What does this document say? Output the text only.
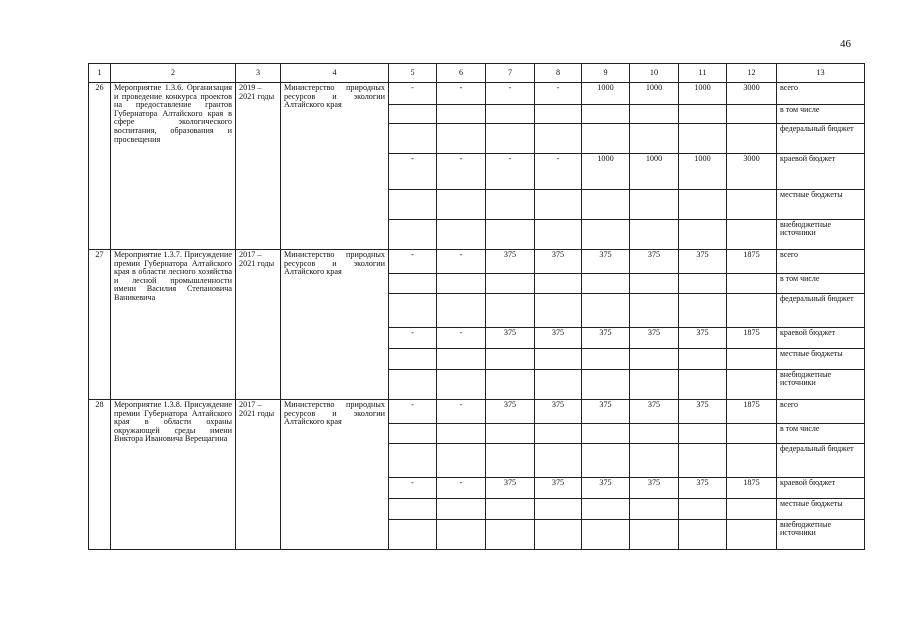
46
1	2	3	4	5	6	7	8	9	10	11	12	13
26	Мероприятие 1.3.6. Организация и проведение конкурса проектов на предоставление грантов Губернатора Алтайского края в сфере экологического воспитания, образования и просвещения	2019 – 2021 годы	Министерство природных ресурсов и экологии Алтайского края	-	-	-	-	1000	1000	1000	3000	всего
												в том числе
												федеральный бюджет
				-	-	-	-	1000	1000	1000	3000	краевой бюджет
												местные бюджеты
												внебюджетные источники
27	Мероприятие 1.3.7. Присуждение премии Губернатора Алтайского края в области лесного хозяйства и лесной промышленности имени Василия Степановича Ваникевича	2017 – 2021 годы	Министерство природных ресурсов и экологии Алтайского края	-	-	375	375	375	375	375	1875	всего
												в том числе
												федеральный бюджет
				-	-	375	375	375	375	375	1875	краевой бюджет
												местные бюджеты
												внебюджетные источники
28	Мероприятие 1.3.8. Присуждение премии Губернатора Алтайского края в области охраны окружающей среды имени Виктора Ивановича Верещагина	2017 – 2021 годы	Министерство природных ресурсов и экологии Алтайского края	-	-	375	375	375	375	375	1875	всего
												в том числе
												федеральный бюджет
				-	-	375	375	375	375	375	1875	краевой бюджет
												местные бюджеты
												внебюджетные источники
